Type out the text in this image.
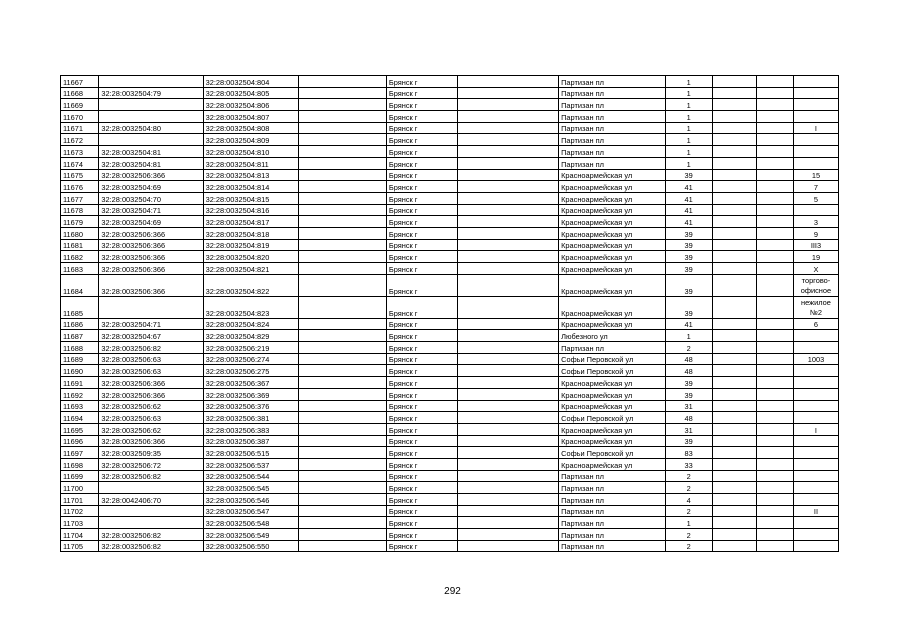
11667		32:28:0032504:804		Брянск г		Партизан пл	1			
11668	32:28:0032504:79	32:28:0032504:805		Брянск г		Партизан пл	1			
11669		32:28:0032504:806		Брянск г		Партизан пл	1			
11670		32:28:0032504:807		Брянск г		Партизан пл	1			
11671	32:28:0032504:80	32:28:0032504:808		Брянск г		Партизан пл	1			I
11672		32:28:0032504:809		Брянск г		Партизан пл	1			
11673	32:28:0032504:81	32:28:0032504:810		Брянск г		Партизан пл	1			
11674	32:28:0032504:81	32:28:0032504:811		Брянск г		Партизан пл	1			
11675	32:28:0032506:366	32:28:0032504:813		Брянск г		Красноармейская ул	39			15
11676	32:28:0032504:69	32:28:0032504:814		Брянск г		Красноармейская ул	41			7
11677	32:28:0032504:70	32:28:0032504:815		Брянск г		Красноармейская ул	41			5
11678	32:28:0032504:71	32:28:0032504:816		Брянск г		Красноармейская ул	41			
11679	32:28:0032504:69	32:28:0032504:817		Брянск г		Красноармейская ул	41			3
11680	32:28:0032506:366	32:28:0032504:818		Брянск г		Красноармейская ул	39			9
11681	32:28:0032506:366	32:28:0032504:819		Брянск г		Красноармейская ул	39			III3
11682	32:28:0032506:366	32:28:0032504:820		Брянск г		Красноармейская ул	39			19
11683	32:28:0032506:366	32:28:0032504:821		Брянск г		Красноармейская ул	39			X
11684	32:28:0032506:366	32:28:0032504:822		Брянск г		Красноармейская ул	39			торгово-офисное
11685		32:28:0032504:823		Брянск г		Красноармейская ул	39			нежилое №2
11686	32:28:0032504:71	32:28:0032504:824		Брянск г		Красноармейская ул	41			6
11687	32:28:0032504:67	32:28:0032504:829		Брянск г		Любезного ул	1			
11688	32:28:0032506:82	32:28:0032506:219		Брянск г		Партизан пл	2			
11689	32:28:0032506:63	32:28:0032506:274		Брянск г		Софьи Перовской ул	48			1003
11690	32:28:0032506:63	32:28:0032506:275		Брянск г		Софьи Перовской ул	48			
11691	32:28:0032506:366	32:28:0032506:367		Брянск г		Красноармейская ул	39			
11692	32:28:0032506:366	32:28:0032506:369		Брянск г		Красноармейская ул	39			
11693	32:28:0032506:62	32:28:0032506:376		Брянск г		Красноармейская ул	31			
11694	32:28:0032506:63	32:28:0032506:381		Брянск г		Софьи Перовской ул	48			
11695	32:28:0032506:62	32:28:0032506:383		Брянск г		Красноармейская ул	31			I
11696	32:28:0032506:366	32:28:0032506:387		Брянск г		Красноармейская ул	39			
11697	32:28:0032509:35	32:28:0032506:515		Брянск г		Софьи Перовской ул	83			
11698	32:28:0032506:72	32:28:0032506:537		Брянск г		Красноармейская ул	33			
11699	32:28:0032506:82	32:28:0032506:544		Брянск г		Партизан пл	2			
11700		32:28:0032506:545		Брянск г		Партизан пл	2			
11701	32:28:0042406:70	32:28:0032506:546		Брянск г		Партизан пл	4			
11702		32:28:0032506:547		Брянск г		Партизан пл	2			II
11703		32:28:0032506:548		Брянск г		Партизан пл	1			
11704	32:28:0032506:82	32:28:0032506:549		Брянск г		Партизан пл	2			
11705	32:28:0032506:82	32:28:0032506:550		Брянск г		Партизан пл	2			
292
